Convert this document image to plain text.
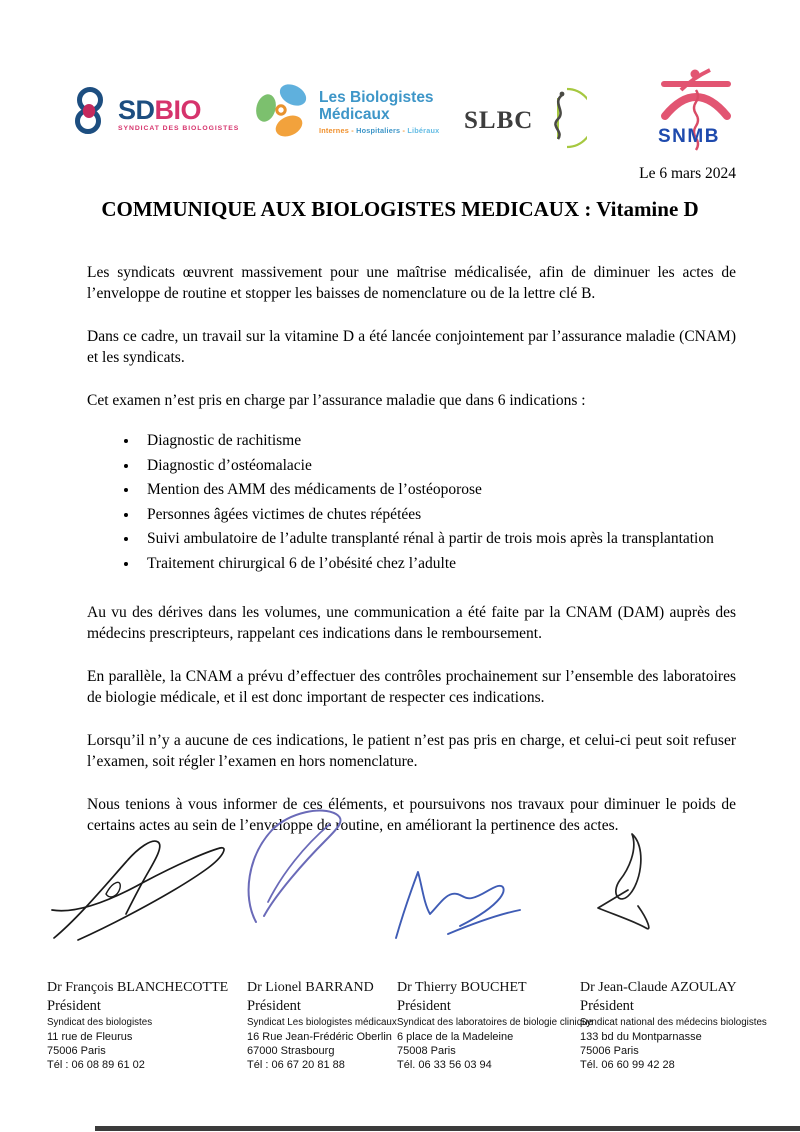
SDBIO
SYNDICAT DES BIOLOGISTES
Les Biologistes
Médicaux
Internes - Hospitaliers - Libéraux SLBC
SNMB
Le 6 mars 2024
COMMUNIQUE AUX BIOLOGISTES MEDICAUX : Vitamine D

Les syndicats œuvrent massivement pour une maîtrise médicalisée, afin de diminuer les actes de l’enveloppe de routine et stopper les baisses de nomenclature ou de la lettre clé B.

Dans ce cadre, un travail sur la vitamine D a été lancée conjointement par l’assurance maladie (CNAM) et les syndicats.

Cet examen n’est pris en charge par l’assurance maladie que dans 6 indications :

• Diagnostic de rachitisme
• Diagnostic d’ostéomalacie
• Mention des AMM des médicaments de l’ostéoporose
• Personnes âgées victimes de chutes répétées
• Suivi ambulatoire de l’adulte transplanté rénal à partir de trois mois après la transplantation
• Traitement chirurgical 6 de l’obésité chez l’adulte

Au vu des dérives dans les volumes, une communication a été faite par la CNAM (DAM) auprès des médecins prescripteurs, rappelant ces indications dans le remboursement.

En parallèle, la CNAM a prévu d’effectuer des contrôles prochainement sur l’ensemble des laboratoires de biologie médicale, et il est donc important de respecter ces indications.

Lorsqu’il n’y a aucune de ces indications, le patient n’est pas pris en charge, et celui-ci peut soit refuser l’examen, soit régler l’examen en hors nomenclature.

Nous tenions à vous informer de ces éléments, et poursuivons nos travaux pour diminuer le poids de certains actes au sein de l’enveloppe de routine, en améliorant la pertinence des actes.

Dr François BLANCHECOTTE
Président
Syndicat des biologistes
11 rue de Fleurus
75006 Paris
Tél : 06 08 89 61 02
Dr Lionel BARRAND
Président
Syndicat Les biologistes médicaux
16 Rue Jean-Frédéric Oberlin
67000 Strasbourg
Tél : 06 67 20 81 88
Dr Thierry BOUCHET
Président
Syndicat des laboratoires de biologie clinique
6 place de la Madeleine
75008 Paris
Tél. 06 33 56 03 94
Dr Jean-Claude AZOULAY
Président
Syndicat national des médecins biologistes
133 bd du Montparnasse
75006 Paris
Tél. 06 60 99 42 28
